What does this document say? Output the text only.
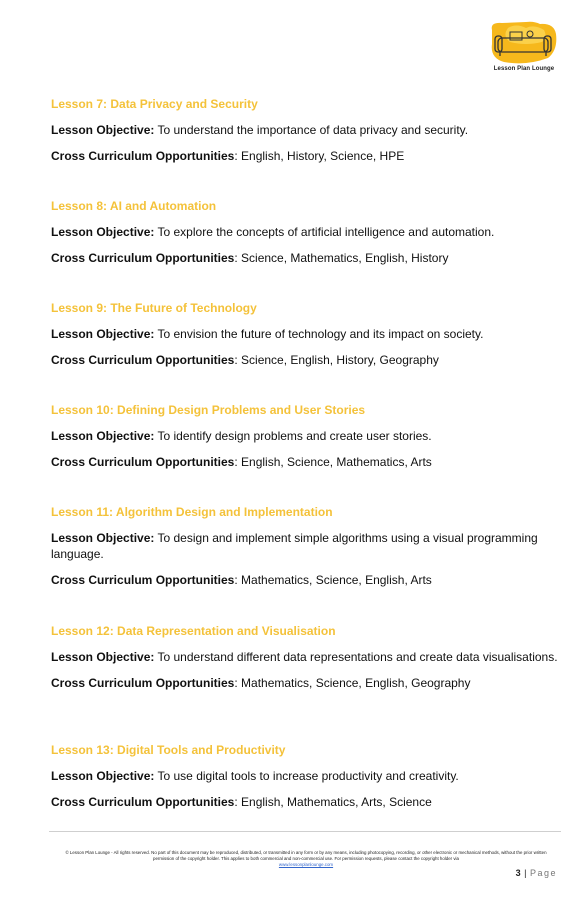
Lesson Plan Lounge
Lesson 7: Data Privacy and Security
Lesson Objective: To understand the importance of data privacy and security.
Cross Curriculum Opportunities: English, History, Science, HPE
Lesson 8: AI and Automation
Lesson Objective: To explore the concepts of artificial intelligence and automation.
Cross Curriculum Opportunities: Science, Mathematics, English, History
Lesson 9: The Future of Technology
Lesson Objective: To envision the future of technology and its impact on society.
Cross Curriculum Opportunities: Science, English, History, Geography
Lesson 10: Defining Design Problems and User Stories
Lesson Objective: To identify design problems and create user stories.
Cross Curriculum Opportunities: English, Science, Mathematics, Arts
Lesson 11: Algorithm Design and Implementation
Lesson Objective: To design and implement simple algorithms using a visual programming language.
Cross Curriculum Opportunities: Mathematics, Science, English, Arts
Lesson 12: Data Representation and Visualisation
Lesson Objective: To understand different data representations and create data visualisations.
Cross Curriculum Opportunities: Mathematics, Science, English, Geography
Lesson 13: Digital Tools and Productivity
Lesson Objective: To use digital tools to increase productivity and creativity.
Cross Curriculum Opportunities: English, Mathematics, Arts, Science
© Lesson Plan Lounge - All rights reserved. No part of this document may be reproduced, distributed, or transmitted in any form or by any means, including photocopying, recording, or other electronic or mechanical methods, without the prior written permission of the copyright holder. This applies to both commercial and non-commercial use. For permission requests, please contact the copyright holder via
www.lessonplanlounge.com
3 | Page
